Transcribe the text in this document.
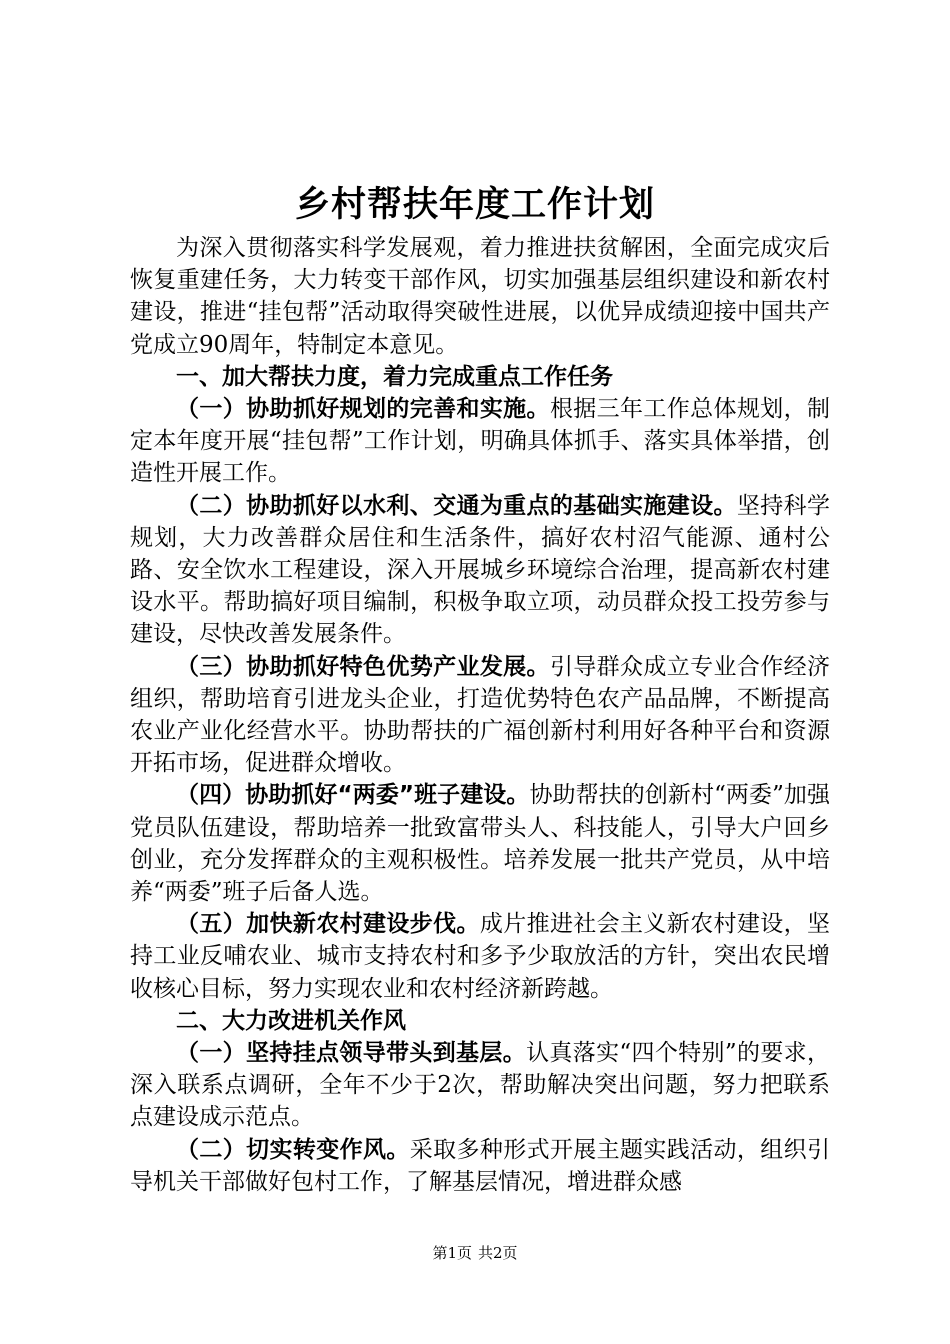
乡村帮扶年度工作计划

为深入贯彻落实科学发展观，着力推进扶贫解困，全面完成灾后恢复重建任务，大力转变干部作风，切实加强基层组织建设和新农村建设，推进“挂包帮”活动取得突破性进展，以优异成绩迎接中国共产党成立90周年，特制定本意见。

一、加大帮扶力度，着力完成重点工作任务

（一）协助抓好规划的完善和实施。根据三年工作总体规划，制定本年度开展“挂包帮”工作计划，明确具体抓手、落实具体举措，创造性开展工作。

（二）协助抓好以水利、交通为重点的基础实施建设。坚持科学规划，大力改善群众居住和生活条件，搞好农村沼气能源、通村公路、安全饮水工程建设，深入开展城乡环境综合治理，提高新农村建设水平。帮助搞好项目编制，积极争取立项，动员群众投工投劳参与建设，尽快改善发展条件。

（三）协助抓好特色优势产业发展。引导群众成立专业合作经济组织，帮助培育引进龙头企业，打造优势特色农产品品牌，不断提高农业产业化经营水平。协助帮扶的广福创新村利用好各种平台和资源开拓市场，促进群众增收。

（四）协助抓好“两委”班子建设。协助帮扶的创新村“两委”加强党员队伍建设，帮助培养一批致富带头人、科技能人，引导大户回乡创业，充分发挥群众的主观积极性。培养发展一批共产党员，从中培养“两委”班子后备人选。

（五）加快新农村建设步伐。成片推进社会主义新农村建设，坚持工业反哺农业、城市支持农村和多予少取放活的方针，突出农民增收核心目标，努力实现农业和农村经济新跨越。

二、大力改进机关作风

（一）坚持挂点领导带头到基层。认真落实“四个特别”的要求，深入联系点调研，全年不少于2次，帮助解决突出问题，努力把联系点建设成示范点。

（二）切实转变作风。采取多种形式开展主题实践活动，组织引导机关干部做好包村工作，了解基层情况，增进群众感

第1页 共2页
